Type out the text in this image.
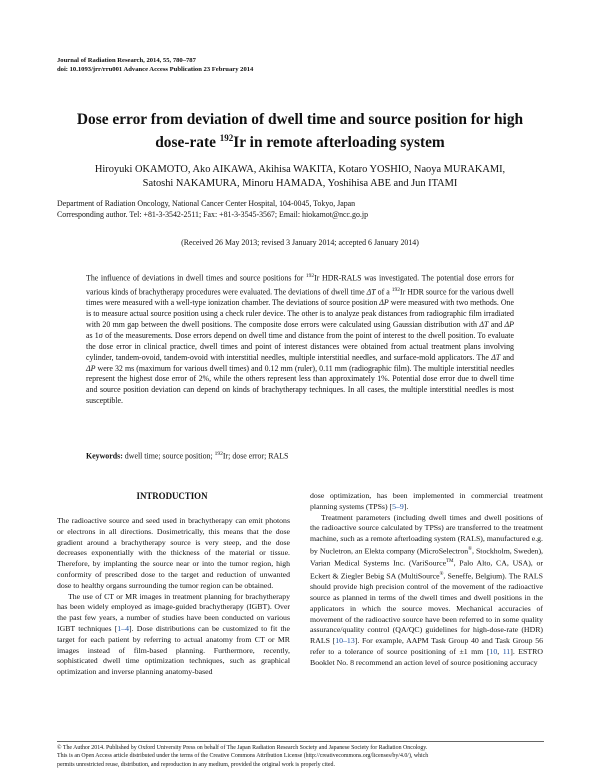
Journal of Radiation Research, 2014, 55, 780–787
doi: 10.1093/jrr/rru001 Advance Access Publication 23 February 2014
Dose error from deviation of dwell time and source position for high dose-rate $^{192}$Ir in remote afterloading system
Hiroyuki OKAMOTO, Ako AIKAWA, Akihisa WAKITA, Kotaro YOSHIO, Naoya MURAKAMI,
Satoshi NAKAMURA, Minoru HAMADA, Yoshihisa ABE and Jun ITAMI
Department of Radiation Oncology, National Cancer Center Hospital, 104-0045, Tokyo, Japan
Corresponding author. Tel: +81-3-3542-2511; Fax: +81-3-3545-3567; Email: hiokamot@ncc.go.jp
(Received 26 May 2013; revised 3 January 2014; accepted 6 January 2014)
The influence of deviations in dwell times and source positions for $^{192}$Ir HDR-RALS was investigated. The potential dose errors for various kinds of brachytherapy procedures were evaluated. The deviations of dwell time ΔT of a $^{192}$Ir HDR source for the various dwell times were measured with a well-type ionization chamber. The deviations of source position ΔP were measured with two methods. One is to measure actual source position using a check ruler device. The other is to analyze peak distances from radiographic film irradiated with 20 mm gap between the dwell positions. The composite dose errors were calculated using Gaussian distribution with ΔT and ΔP as 1σ of the measurements. Dose errors depend on dwell time and distance from the point of interest to the dwell position. To evaluate the dose error in clinical practice, dwell times and point of interest distances were obtained from actual treatment plans involving cylinder, tandem-ovoid, tandem-ovoid with interstitial needles, multiple interstitial needles, and surface-mold applicators. The ΔT and ΔP were 32 ms (maximum for various dwell times) and 0.12 mm (ruler), 0.11 mm (radiographic film). The multiple interstitial needles represent the highest dose error of 2%, while the others represent less than approximately 1%. Potential dose error due to dwell time and source position deviation can depend on kinds of brachytherapy techniques. In all cases, the multiple interstitial needles is most susceptible.
Keywords: dwell time; source position; $^{192}$Ir; dose error; RALS
INTRODUCTION

The radioactive source and seed used in brachytherapy can emit photons or electrons in all directions. Dosimetrically, this means that the dose gradient around a brachytherapy source is very steep, and the dose decreases exponentially with the thickness of the material or tissue. Therefore, by implanting the source near or into the tumor region, high conformity of prescribed dose to the target and reduction of unwanted dose to healthy organs surrounding the tumor region can be obtained.

The use of CT or MR images in treatment planning for brachytherapy has been widely employed as image-guided brachytherapy (IGBT). Over the past few years, a number of studies have been conducted on various IGBT techniques [1–4]. Dose distributions can be customized to fit the target for each patient by referring to actual anatomy from CT or MR images instead of film-based planning. Furthermore, recently, sophisticated dwell time optimization techniques, such as graphical optimization and inverse planning anatomy-based

dose optimization, has been implemented in commercial treatment planning systems (TPSs) [5–9].

Treatment parameters (including dwell times and dwell positions of the radioactive source calculated by TPSs) are transferred to the treatment machine, such as a remote afterloading system (RALS), manufactured e.g. by Nucletron, an Elekta company (MicroSelectron®, Stockholm, Sweden), Varian Medical Systems Inc. (VariSource™, Palo Alto, CA, USA), or Eckert & Ziegler Bebig SA (MultiSource®, Seneffe, Belgium). The RALS should provide high precision control of the movement of the radioactive source as planned in terms of the dwell times and dwell positions in the applicators in which the source moves. Mechanical accuracies of movement of the radioactive source have been referred to in some quality assurance/quality control (QA/QC) guidelines for high-dose-rate (HDR) RALS [10–13]. For example, AAPM Task Group 40 and Task Group 56 refer to a tolerance of source positioning of ±1 mm [10, 11]. ESTRO Booklet No. 8 recommend an action level of source positioning accuracy

© The Author 2014. Published by Oxford University Press on behalf of The Japan Radiation Research Society and Japanese Society for Radiation Oncology.
This is an Open Access article distributed under the terms of the Creative Commons Attribution License (http://creativecommons.org/licenses/by/4.0/), which
permits unrestricted reuse, distribution, and reproduction in any medium, provided the original work is properly cited.
